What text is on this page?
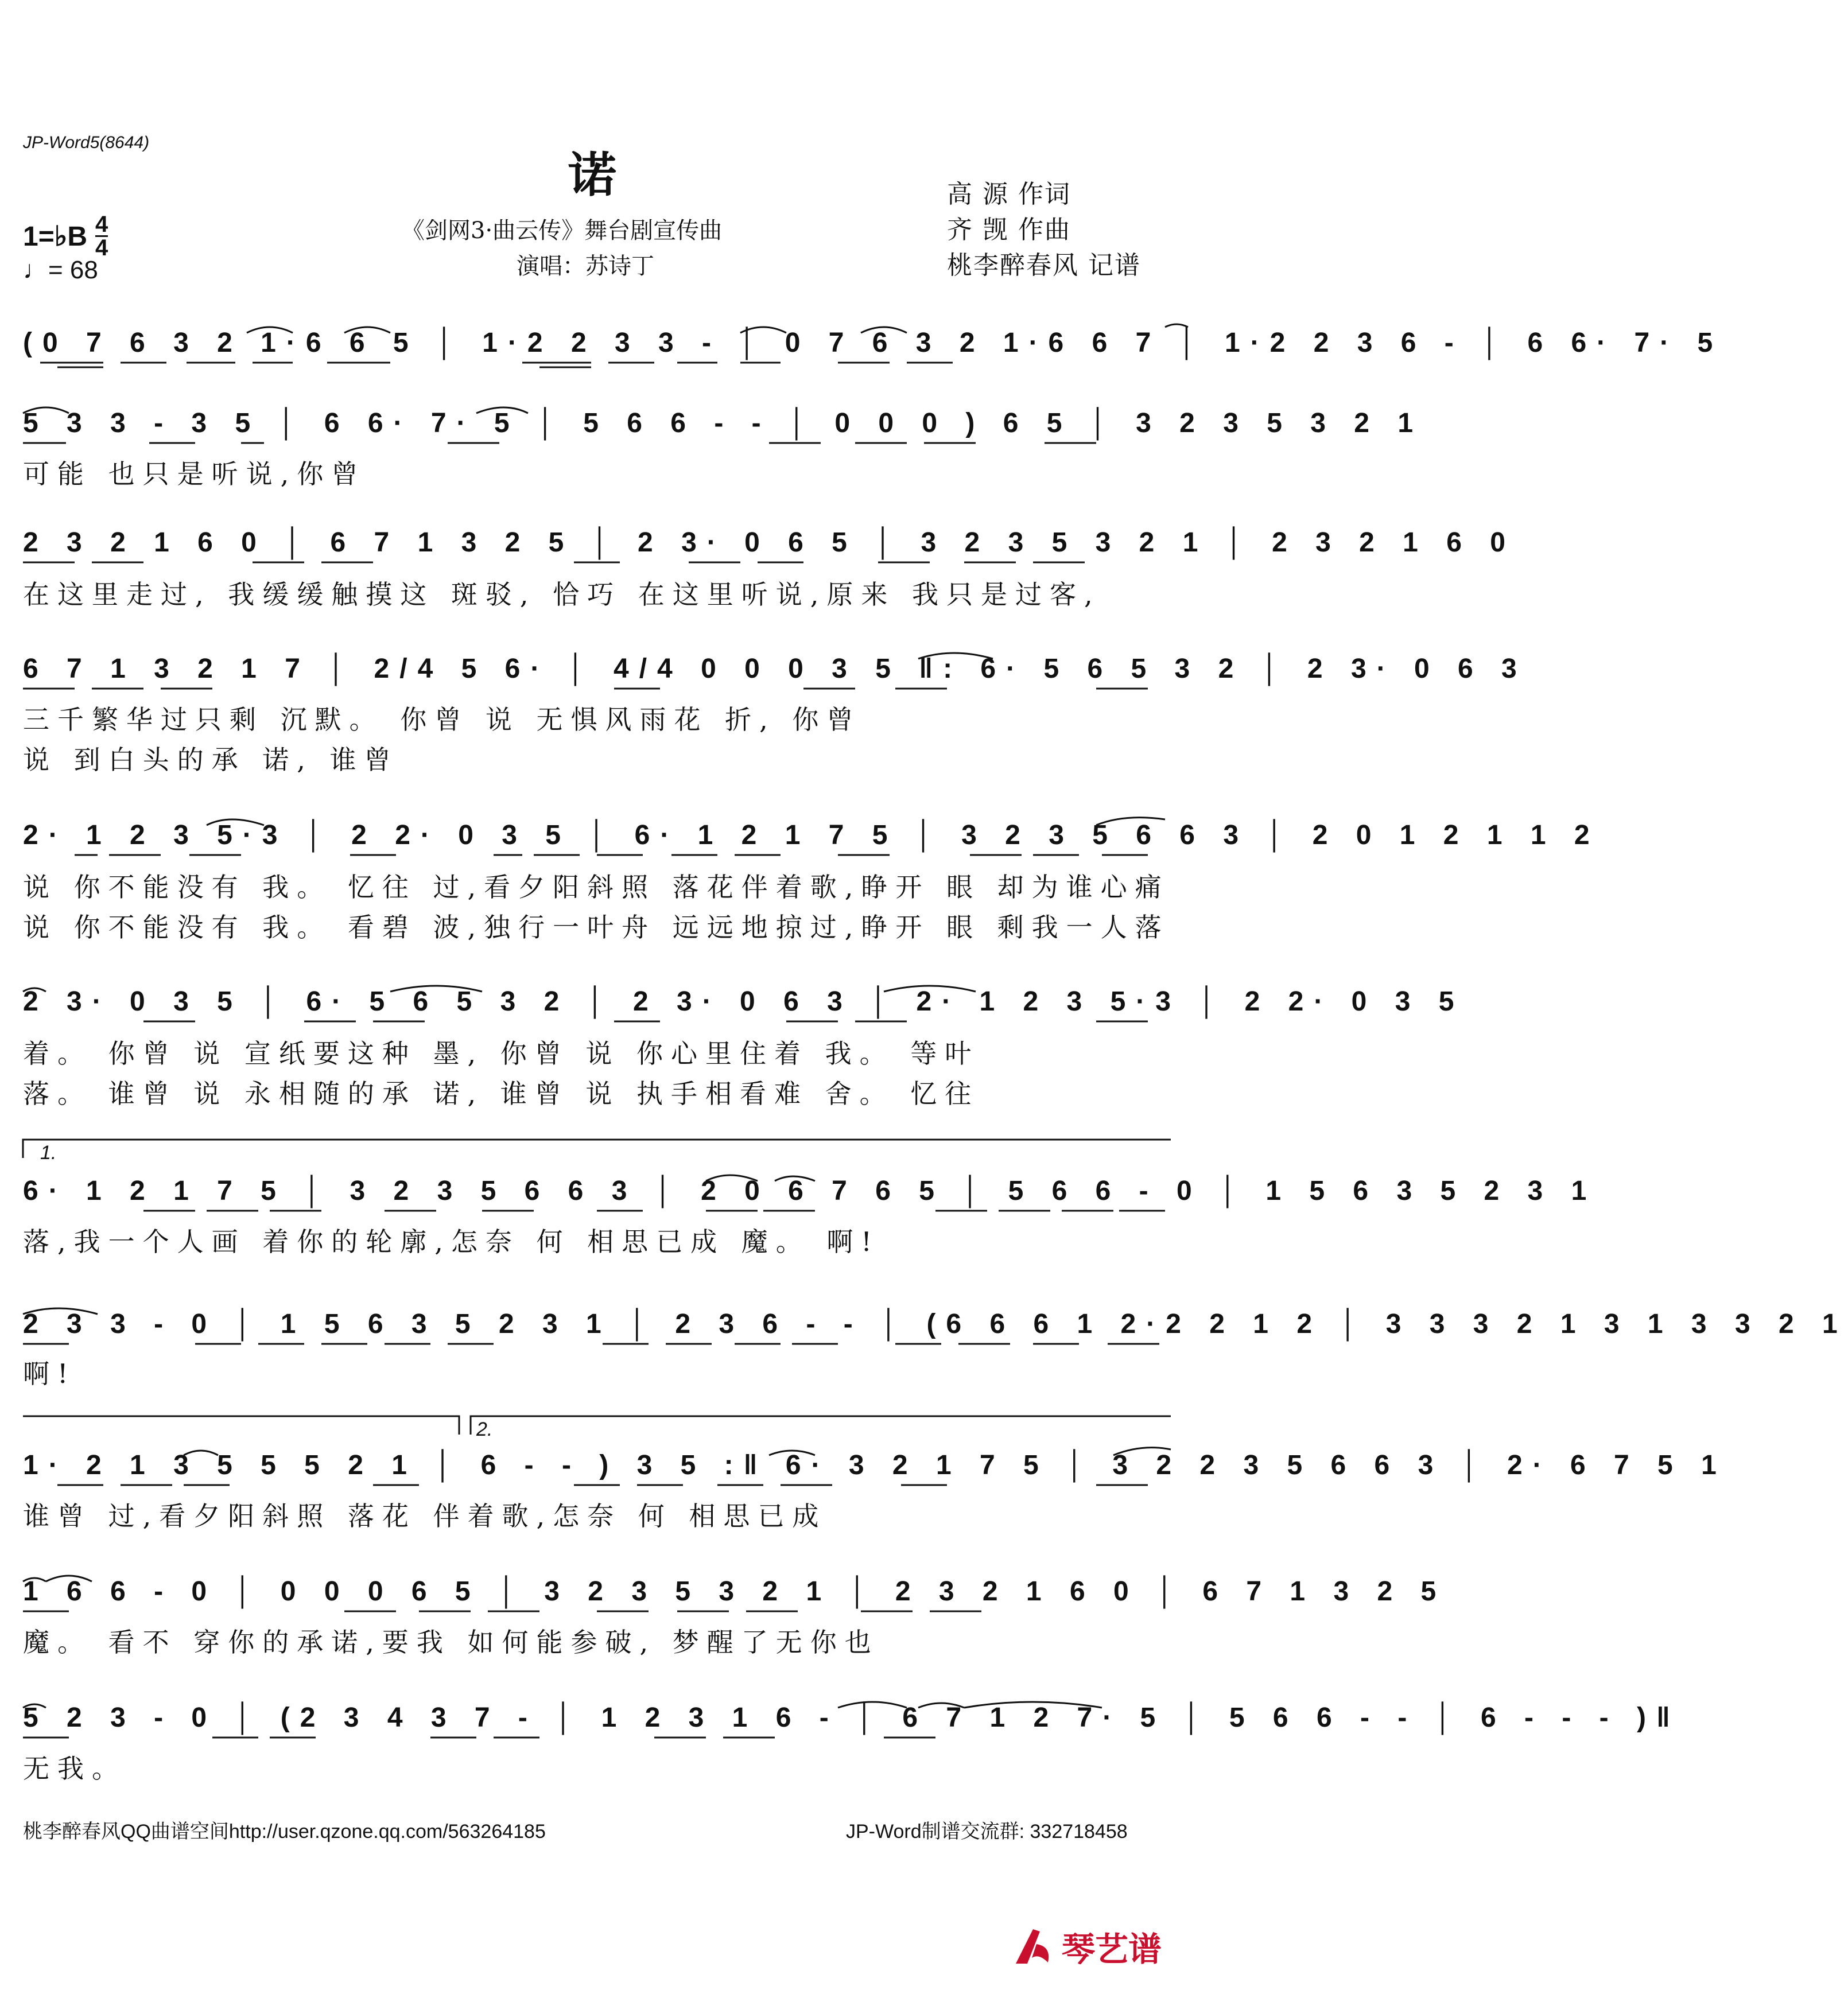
JP-Word5(8644)
诺
《剑网3·曲云传》舞台剧宣传曲
演唱：苏诗丁
1=♭B $\frac{4}{4}$
♩= 68
高 源 作词
齐 觊 作曲
桃李醉春风 记谱
(0 7 6 3 2 1·6 6 5 │ 1·2 2 3 3 - │ 0 7 6 3 2 1·6 6 7 │ 1·2 2 3 6 - │ 6 6· 7· 5
5 3 3 - 3 5 │ 6 6· 7· 5 │ 5 6 6 - - │ 0 0 0 ) 6 5 │ 3 2 3 5 3 2 1
可能 也只是听说,你曾
2 3 2 1 6 0 │ 6 7 1 3 2 5 │ 2 3· 0 6 5 │ 3 2 3 5 3 2 1 │ 2 3 2 1 6 0
在这里走过, 我缓缓触摸这 斑驳, 恰巧 在这里听说,原来 我只是过客,
6 7 1 3 2 1 7 │ 2/4 5 6· │ 4/4 0 0 0 3 5 ‖: 6· 5 6 5 3 2 │ 2 3· 0 6 3
三千繁华过只剩 沉默。 你曾 说 无惧风雨花 折, 你曾
说 到白头的承 诺, 谁曾
2· 1 2 3 5·3 │ 2 2· 0 3 5 │ 6· 1 2 1 7 5 │ 3 2 3 5 6 6 3 │ 2 0 1 2 1 1 2
说 你不能没有 我。 忆往 过,看夕阳斜照 落花伴着歌,睁开 眼 却为谁心痛
说 你不能没有 我。 看碧 波,独行一叶舟 远远地掠过,睁开 眼 剩我一人落
2 3· 0 3 5 │ 6· 5 6 5 3 2 │ 2 3· 0 6 3 │ 2· 1 2 3 5·3 │ 2 2· 0 3 5
着。 你曾 说 宣纸要这种 墨, 你曾 说 你心里住着 我。 等叶
落。 谁曾 说 永相随的承 诺, 谁曾 说 执手相看难 舍。 忆往
1.
6· 1 2 1 7 5 │ 3 2 3 5 6 6 3 │ 2 0 6 7 6 5 │ 5 6 6 - 0 │ 1 5 6 3 5 2 3 1
落,我一个人画 着你的轮廓,怎奈 何 相思已成 魔。 啊!
2 3 3 - 0 │ 1 5 6 3 5 2 3 1 │ 2 3 6 - - │ (6 6 6 1 2·2 2 1 2 │ 3 3 3 2 1 3 1 3 3 2 1
啊!
2.
1· 2 1 3 5 5 5 2 1 │ 6 - - ) 3 5 :‖ 6· 3 2 1 7 5 │ 3 2 2 3 5 6 6 3 │ 2· 6 7 5 1
谁曾 过,看夕阳斜照 落花 伴着歌,怎奈 何 相思已成
1 6 6 - 0 │ 0 0 0 6 5 │ 3 2 3 5 3 2 1 │ 2 3 2 1 6 0 │ 6 7 1 3 2 5
魔。 看不 穿你的承诺,要我 如何能参破, 梦醒了无你也
5 2 3 - 0 │ (2 3 4 3 7 - │ 1 2 3 1 6 - │ 6 7 1 2 7· 5 │ 5 6 6 - - │ 6 - - - )‖
无我。
桃李醉春风QQ曲谱空间http://user.qzone.qq.com/563264185	JP-Word制谱交流群: 332718458
琴艺谱
